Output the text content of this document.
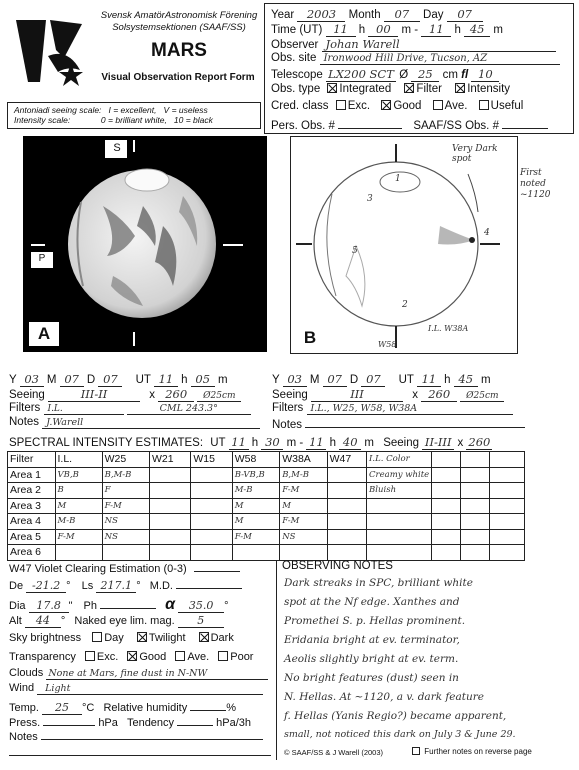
Svensk AmatörAstronomisk Förening
Solsystemsektionen (SAAF/SS)
MARS
Visual Observation Report Form
Antoniadi seeing scale:   I = excellent,   V = useless
Intensity scale:             0 = brilliant white,   10 = black
Year 2003 Month 07 Day 07
Time (UT) 11 h 00 m - 11 h 45 m
Observer Johan Warell
Obs. site Ironwood Hill Drive, Tucson, AZ
Telescope LX200 SCT Ø 25 cm fl 10
Obs. type Integrated Filter Intensity
Cred. class Exc. Good Ave. Useful
Pers. Obs. #	SAAF/SS Obs. #
S
P
A
Very Dark spot
First noted ~1120
1
3
4
5
2
I.L. W38A
W58
B
Y 03 M 07 D 07 UT 11 h 05 m
Seeing	III-II	x 260 Ø25cm
Filters I.L.	CML 243.3°
Notes J.Warell
Y 03 M 07 D 07 UT 11 h 45 m
Seeing	III	x 260 Ø25cm
Filters I.L., W25, W58, W38A
Notes
SPECTRAL INTENSITY ESTIMATES: UT 11 h 30 m - 11 h 40 m Seeing II-III x 260
Filter	I.L.	W25	W21	W15	W58	W38A	W47	I.L. Color			
Area 1	VB,B	B,M-B			B-VB,B	B,M-B		Creamy white			
Area 2	B	F			M-B	F-M		Bluish			
Area 3	M	F-M			M	M					
Area 4	M-B	NS			M	F-M					
Area 5	F-M	NS			F-M	NS					
Area 6											
W47 Violet Clearing Estimation (0-3)
De -21.2 ° Ls 217.1 ° M.D.
Dia 17.8 " Ph	α 35.0 °
Alt 44 ° Naked eye lim. mag. 5
Sky brightness Day Twilight Dark
Transparency Exc. Good Ave. Poor
Clouds None at Mars, fine dust in N-NW
Wind Light
Temp. 25 °C Relative humidity	%
Press.	hPa Tendency	hPa/3h
Notes
OBSERVING NOTES
Dark streaks in SPC, brilliant white
spot at the Nf edge. Xanthes and
Promethei S. p. Hellas prominent.
Eridania bright at ev. terminator,
Aeolis slightly bright at ev. term.
No bright features (dust) seen in
N. Hellas. At ~1120, a v. dark feature
f. Hellas (Yanis Regio?) became apparent,
small, not noticed this dark on July 3 & June 29.
© SAAF/SS & J Warell (2003)	Further notes on reverse page
